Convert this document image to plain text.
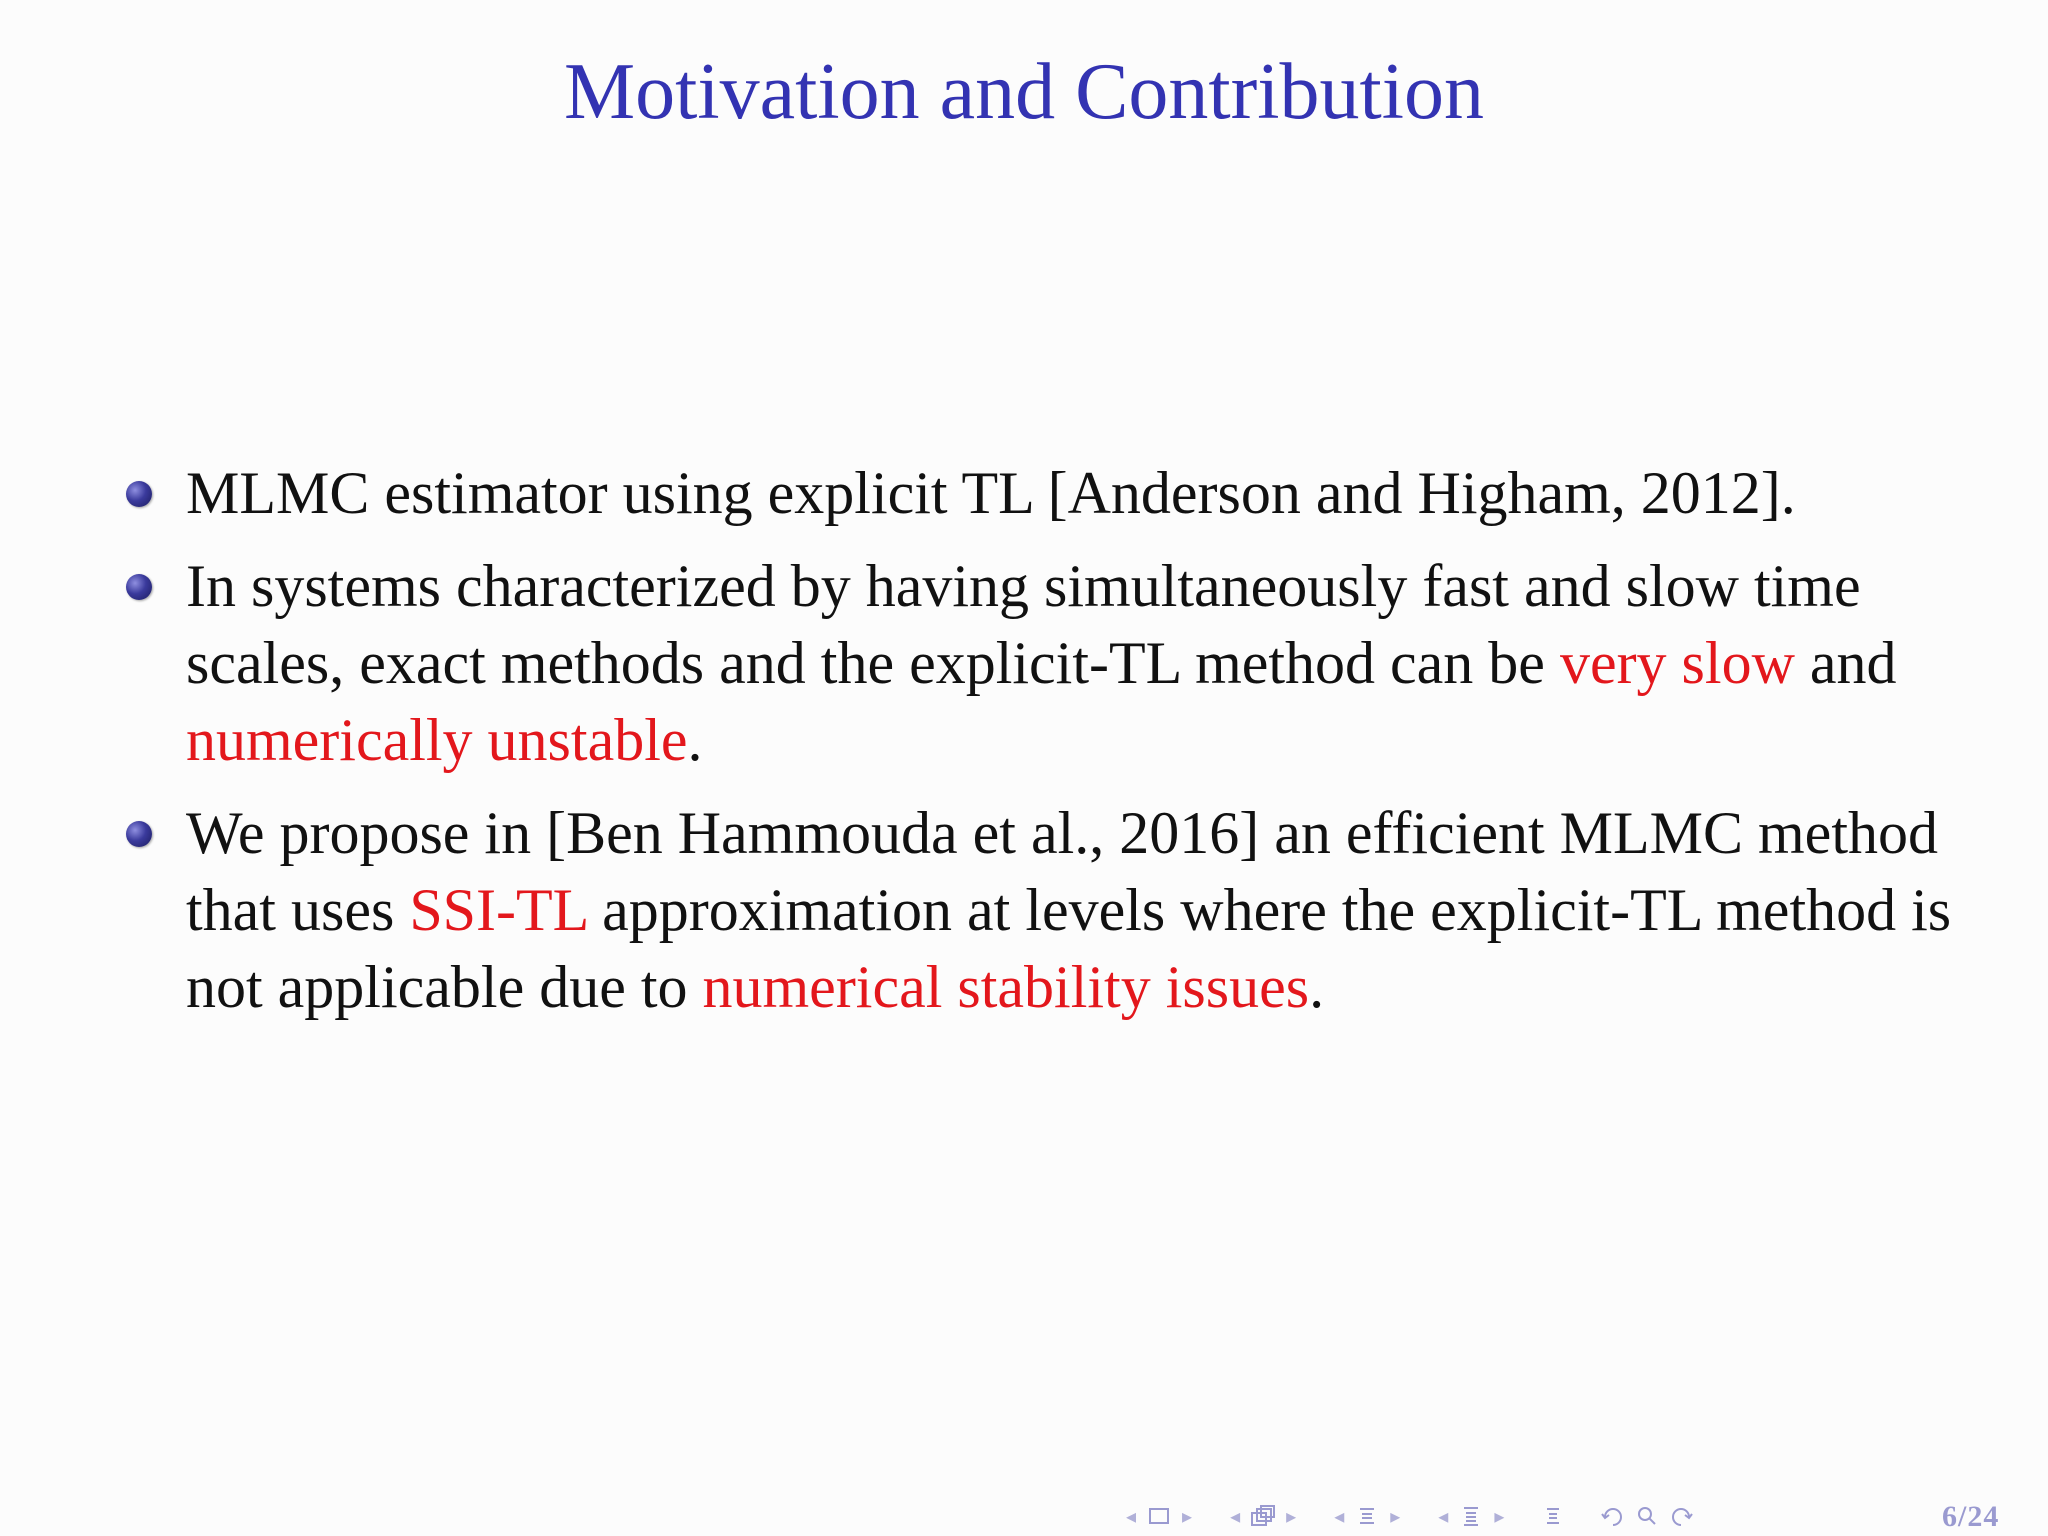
Motivation and Contribution
MLMC estimator using explicit TL [Anderson and Higham, 2012].
In systems characterized by having simultaneously fast and slow time scales, exact methods and the explicit-TL method can be very slow and numerically unstable.
We propose in [Ben Hammouda et al., 2016] an efficient MLMC method that uses SSI-TL approximation at levels where the explicit-TL method is not applicable due to numerical stability issues.
◂	▸	◂	▸	◂	▸	◂	▸	6/24
